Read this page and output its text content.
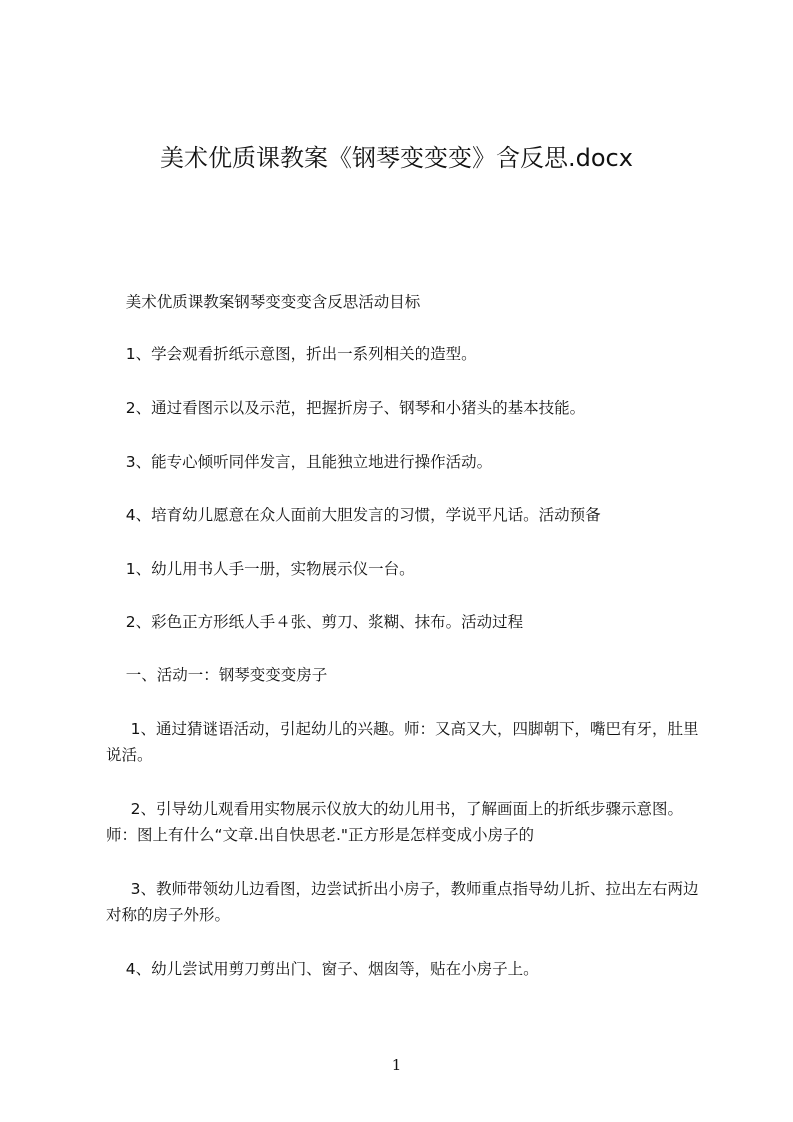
美术优质课教案《钢琴变变变》含反思.docx

美术优质课教案钢琴变变变含反思活动目标

1、学会观看折纸示意图，折出一系列相关的造型。

2、通过看图示以及示范，把握折房子、钢琴和小猪头的基本技能。

3、能专心倾听同伴发言，且能独立地进行操作活动。

4、培育幼儿愿意在众人面前大胆发言的习惯，学说平凡话。活动预备

1、幼儿用书人手一册，实物展示仪一台。

2、彩色正方形纸人手４张、剪刀、浆糊、抹布。活动过程

一、活动一：钢琴变变变房子

1、通过猜谜语活动，引起幼儿的兴趣。师：又高又大，四脚朝下，嘴巴有牙，肚里说活。

2、引导幼儿观看用实物展示仪放大的幼儿用书，了解画面上的折纸步骤示意图。师：图上有什么“文章.出自快思老."正方形是怎样变成小房子的

3、教师带领幼儿边看图，边尝试折出小房子，教师重点指导幼儿折、拉出左右两边对称的房子外形。

4、幼儿尝试用剪刀剪出门、窗子、烟囱等，贴在小房子上。

1
